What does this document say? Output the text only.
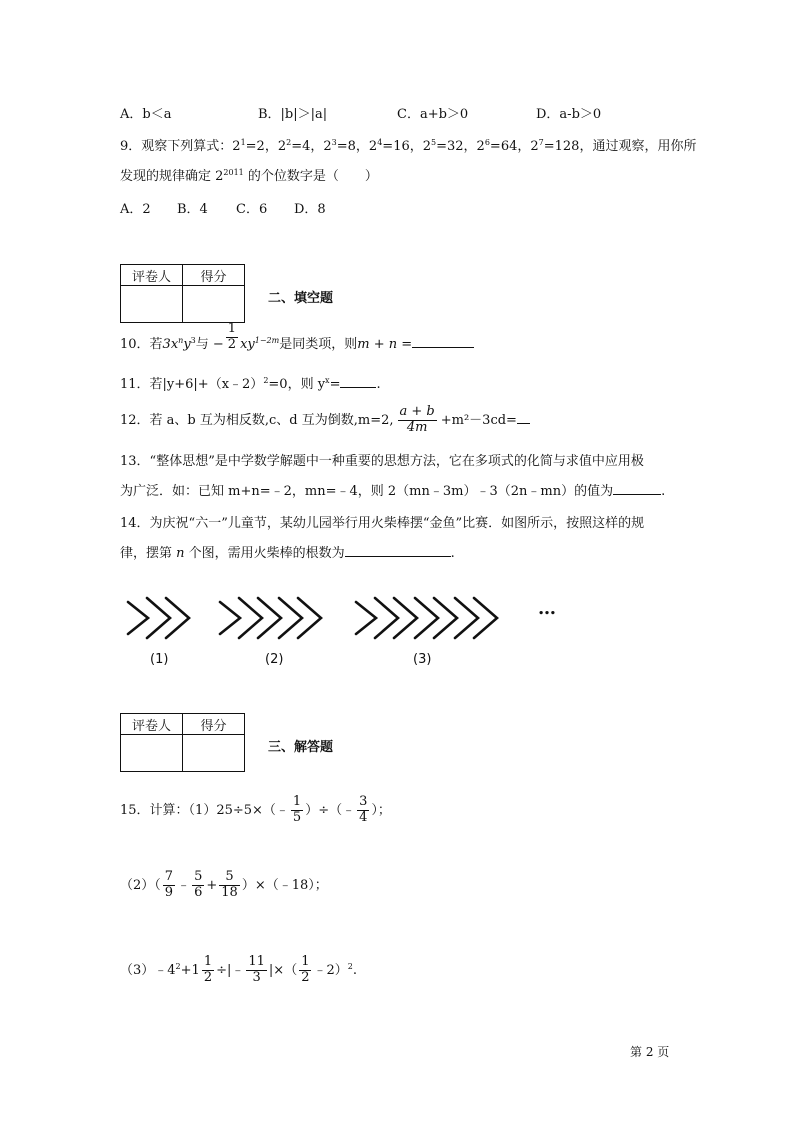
A．b＜a	B．|b|＞|a|	C．a+b＞0	D．a-b＞0
9．观察下列算式：$2^1=2$，$2^2=4$，$2^3=8$，$2^4=16$，$2^5=32$，$2^6=64$，$2^7=128$，通过观察，用你所
发现的规律确定 $2^{2011}$ 的个位数字是（　　）
A．2 B．4 C．6 D．8
评卷人	得分

二、填空题
10．若$3x^ny^3$与 − $\frac{1}{2} xy^{1-2m}$是同类项，则m + n =
11．若|y+6|+（x﹣2）$^2$=0，则 $y^x=$	.
12．若 a、b 互为相反数,c、d 互为倒数,m=2, $\frac{a + b}{4m} +m^2-3cd=$
13．“整体思想”是中学数学解题中一种重要的思想方法，它在多项式的化简与求值中应用极
为广泛．如：已知 m+n=﹣2，mn=﹣4，则 2（mn﹣3m）﹣3（2n﹣mn）的值为	.
14．为庆祝“六一”儿童节，某幼儿园举行用火柴棒摆“金鱼”比赛．如图所示，按照这样的规
律，摆第 n 个图，需用火柴棒的根数为	.
…
(1)	(2)	(3)
评卷人	得分

三、解答题
15．计算：（1）25÷5×（﹣ $\frac{1}{5}$ ）÷（﹣ $\frac{3}{4}$ ）；
$(2)( \frac{7}{9}$ ﹣ $\frac{5}{6} + \frac{5}{18}$ ）×（﹣18）；
$(3)﹣4^2+1 \frac{1}{2}$ ÷|﹣ $\frac{11}{3}$ |×（ $\frac{1}{2}$ ﹣2）$^2$.
第 2 页
